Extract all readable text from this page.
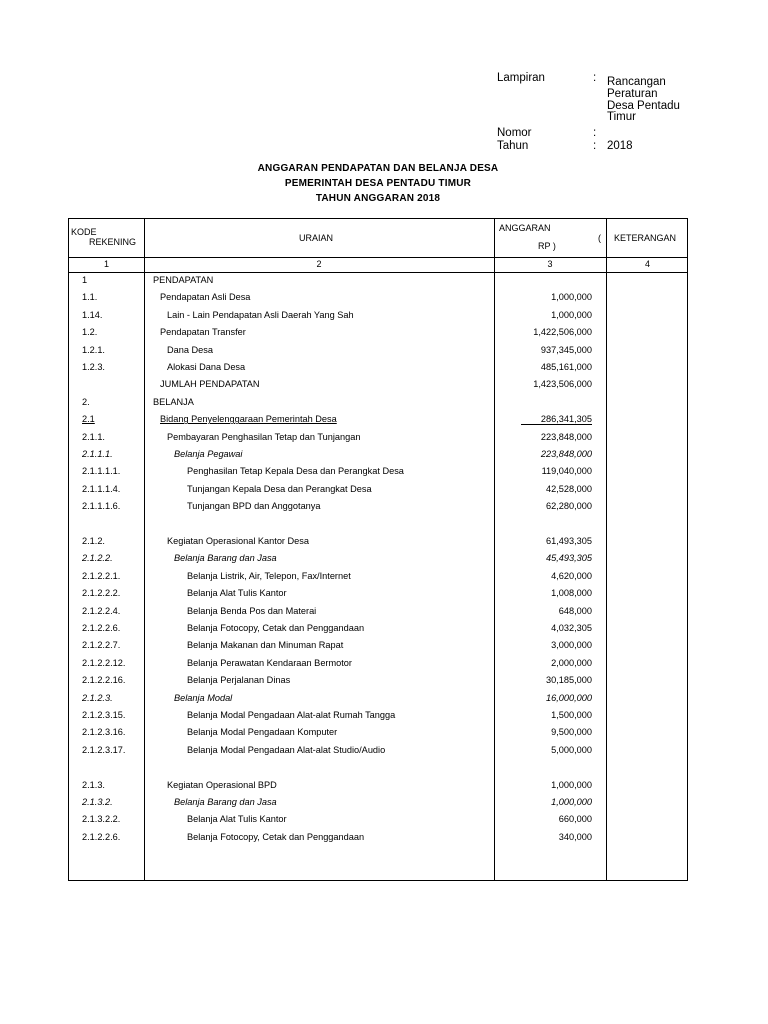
Lampiran	: Rancangan
Peraturan
Desa Pentadu
Timur
Nomor	:
Tahun	: 2018
ANGGARAN PENDAPATAN DAN BELANJA DESA
PEMERINTAH DESA PENTADU TIMUR
TAHUN ANGGARAN 2018
KODE
REKENING	URAIAN
ANGGARAN
(
RP )
KETERANGAN
1	2	3	4
1	PENDAPATAN
1.1.	Pendapatan Asli Desa	1,000,000
1.14.	Lain - Lain Pendapatan Asli Daerah Yang Sah	1,000,000
1.2.	Pendapatan Transfer	1,422,506,000
1.2.1.	Dana Desa	937,345,000
1.2.3.	Alokasi Dana Desa	485,161,000
JUMLAH PENDAPATAN	1,423,506,000
2.	BELANJA
2.1	Bidang Penyelenggaraan Pemerintah Desa	286,341,305
2.1.1.	Pembayaran Penghasilan Tetap dan Tunjangan	223,848,000
2.1.1.1.	Belanja Pegawai	223,848,000
2.1.1.1.1.	Penghasilan Tetap Kepala Desa dan Perangkat Desa	119,040,000
2.1.1.1.4.	Tunjangan Kepala Desa dan Perangkat Desa	42,528,000
2.1.1.1.6.	Tunjangan BPD dan Anggotanya	62,280,000
2.1.2.	Kegiatan Operasional Kantor Desa	61,493,305
2.1.2.2.	Belanja Barang dan Jasa	45,493,305
2.1.2.2.1.	Belanja Listrik, Air, Telepon, Fax/Internet	4,620,000
2.1.2.2.2.	Belanja Alat Tulis Kantor	1,008,000
2.1.2.2.4.	Belanja Benda Pos dan Materai	648,000
2.1.2.2.6.	Belanja Fotocopy, Cetak dan Penggandaan	4,032,305
2.1.2.2.7.	Belanja Makanan dan Minuman Rapat	3,000,000
2.1.2.2.12.	Belanja Perawatan Kendaraan Bermotor	2,000,000
2.1.2.2.16.	Belanja Perjalanan Dinas	30,185,000
2.1.2.3.	Belanja Modal	16,000,000
2.1.2.3.15.	Belanja Modal Pengadaan Alat-alat Rumah Tangga	1,500,000
2.1.2.3.16.	Belanja Modal Pengadaan Komputer	9,500,000
2.1.2.3.17.	Belanja Modal Pengadaan Alat-alat Studio/Audio	5,000,000
2.1.3.	Kegiatan Operasional BPD	1,000,000
2.1.3.2.	Belanja Barang dan Jasa	1,000,000
2.1.3.2.2.	Belanja Alat Tulis Kantor	660,000
2.1.2.2.6.	Belanja Fotocopy, Cetak dan Penggandaan	340,000
